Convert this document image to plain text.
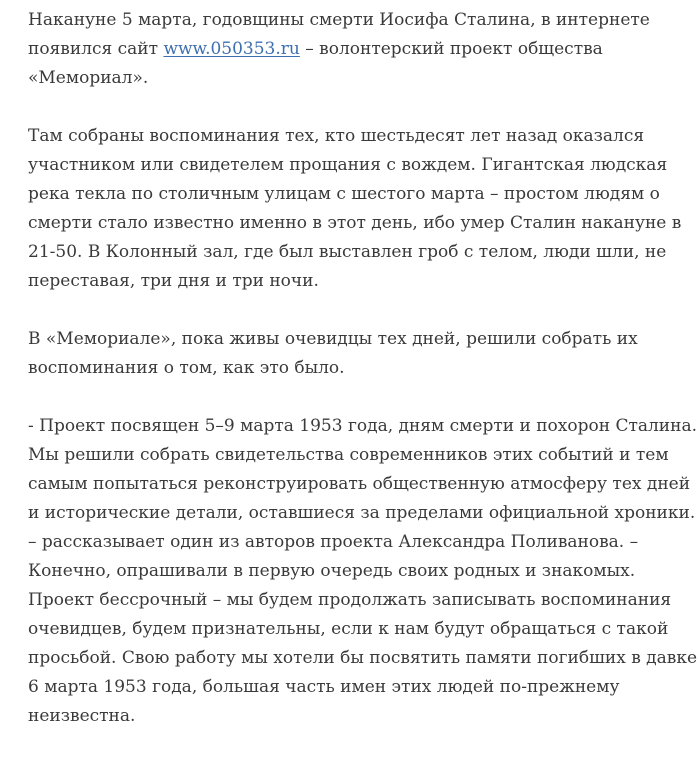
Накануне 5 марта, годовщины смерти Иосифа Сталина, в интернете появился сайт www.050353.ru – волонтерский проект общества «Мемориал».

Там собраны воспоминания тех, кто шестьдесят лет назад оказался участником или свидетелем прощания с вождем. Гигантская людская река текла по столичным улицам с шестого марта – простом людям о смерти стало известно именно в этот день, ибо умер Сталин накануне в 21-50. В Колонный зал, где был выставлен гроб с телом, люди шли, не переставая, три дня и три ночи.

В «Мемориале», пока живы очевидцы тех дней, решили собрать их воспоминания о том, как это было.

- Проект посвящен 5–9 марта 1953 года, дням смерти и похорон Сталина. Мы решили собрать свидетельства современников этих событий и тем самым попытаться реконструировать общественную атмосферу тех дней и исторические детали, оставшиеся за пределами официальной хроники. – рассказывает один из авторов проекта Александра Поливанова. – Конечно, опрашивали в первую очередь своих родных и знакомых. Проект бессрочный – мы будем продолжать записывать воспоминания очевидцев, будем признательны, если к нам будут обращаться с такой просьбой. Свою работу мы хотели бы посвятить памяти погибших в давке 6 марта 1953 года, большая часть имен этих людей по-прежнему неизвестна.
